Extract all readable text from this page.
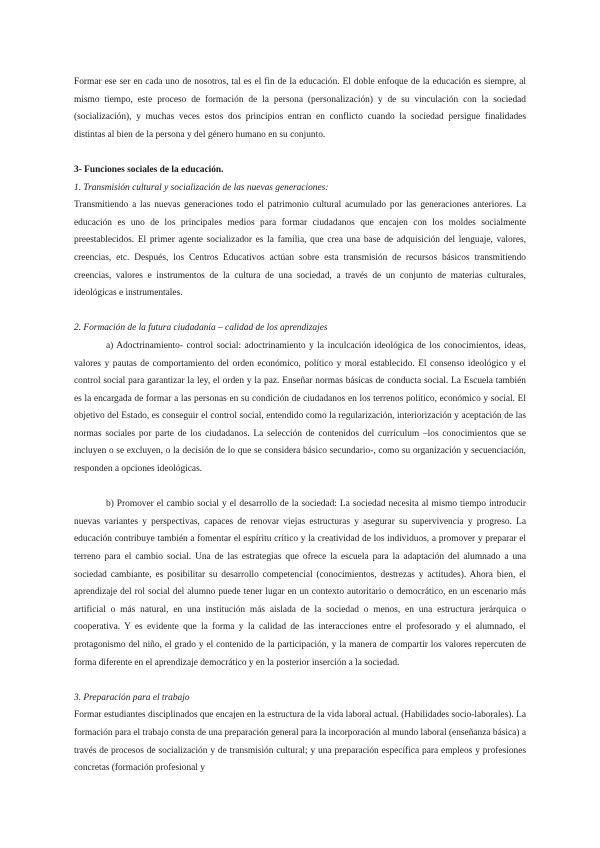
Formar ese ser en cada uno de nosotros, tal es el fin de la educación. El doble enfoque de la educación es siempre, al mismo tiempo, este proceso de formación de la persona (personalización) y de su vinculación con la sociedad (socialización), y muchas veces estos dos principios entran en conflicto cuando la sociedad persigue finalidades distintas al bien de la persona y del género humano en su conjunto.

3- Funciones sociales de la educación.

1. Transmisión cultural y socialización de las nuevas generaciones:

Transmitiendo a las nuevas generaciones todo el patrimonio cultural acumulado por las generaciones anteriores. La educación es uno de los principales medios para formar ciudadanos que encajen con los moldes socialmente preestablecidos. El primer agente socializador es la familia, que crea una base de adquisición del lenguaje, valores, creencias, etc. Después, los Centros Educativos actúan sobre esta transmisión de recursos básicos transmitiendo creencias, valores e instrumentos de la cultura de una sociedad, a través de un conjunto de materias culturales, ideológicas e instrumentales.

2. Formación de la futura ciudadanía – calidad de los aprendizajes

a) Adoctrinamiento- control social: adoctrinamiento y la inculcación ideológica de los conocimientos, ideas, valores y pautas de comportamiento del orden económico, político y moral establecido. El consenso ideológico y el control social para garantizar la ley, el orden y la paz. Enseñar normas básicas de conducta social. La Escuela también es la encargada de formar a las personas en su condición de ciudadanos en los terrenos político, económico y social. El objetivo del Estado, es conseguir el control social, entendido como la regularización, interiorización y aceptación de las normas sociales por parte de los ciudadanos. La selección de contenidos del currículum –los conocimientos que se incluyen o se excluyen, o la decisión de lo que se considera básico secundario-, como su organización y secuenciación, responden a opciones ideológicas.

b) Promover el cambio social y el desarrollo de la sociedad: La sociedad necesita al mismo tiempo introducir nuevas variantes y perspectivas, capaces de renovar viejas estructuras y asegurar su supervivencia y progreso. La educación contribuye también a fomentar el espíritu crítico y la creatividad de los individuos, a promover y preparar el terreno para el cambio social. Una de las estrategias que ofrece la escuela para la adaptación del alumnado a una sociedad cambiante, es posibilitar su desarrollo competencial (conocimientos, destrezas y actitudes). Ahora bien, el aprendizaje del rol social del alumno puede tener lugar en un contexto autoritario o democrático, en un escenario más artificial o más natural, en una institución más aislada de la sociedad o menos, en una estructura jerárquica o cooperativa. Y es evidente que la forma y la calidad de las interacciones entre el profesorado y el alumnado, el protagonismo del niño, el grado y el contenido de la participación, y la manera de compartir los valores repercuten de forma diferente en el aprendizaje democrático y en la posterior inserción a la sociedad.

3. Preparación para el trabajo

Formar estudiantes disciplinados que encajen en la estructura de la vida laboral actual. (Habilidades socio-laborales). La formación para el trabajo consta de una preparación general para la incorporación al mundo laboral (enseñanza básica) a través de procesos de socialización y de transmisión cultural; y una preparación específica para empleos y profesiones concretas (formación profesional y
